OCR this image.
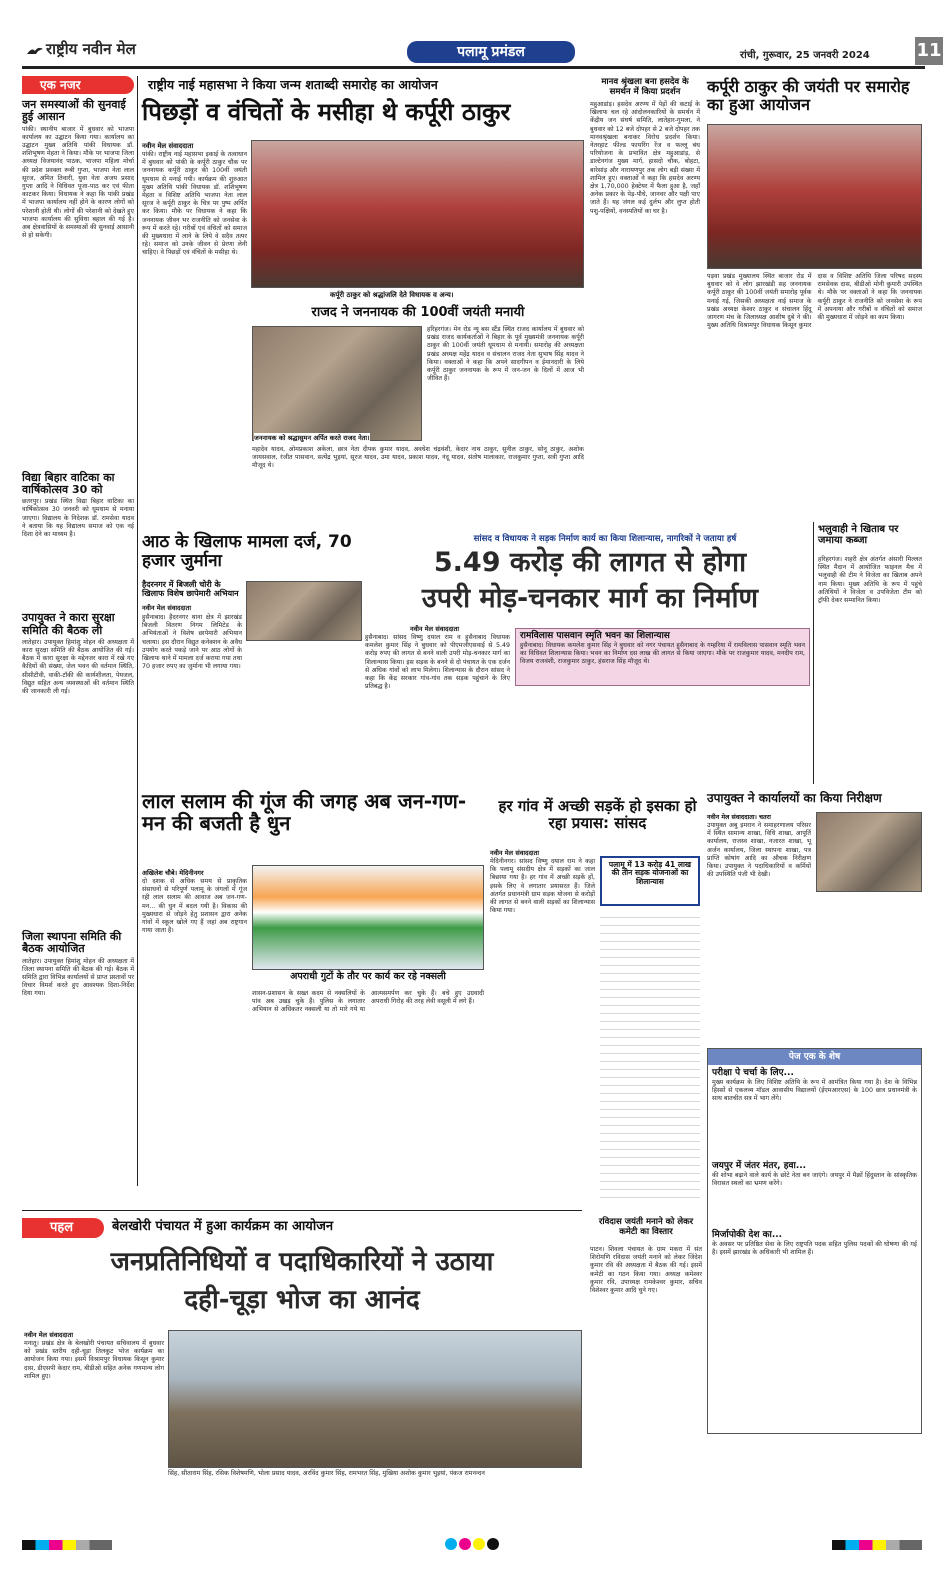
राष्ट्रीय नवीन मेल	पलामू प्रमंडल	रांची, गुरूवार, 25 जनवरी 2024	11
एक नजर
जन समस्याओं की सुनवाई हुई आसान
पांकी। स्थानीय बाजार में बुधवार को भाजपा कार्यालय का उद्घाटन किया गया। कार्यालय का उद्घाटन मुख्य अतिथि पांकी विधायक डॉ. शशिभूषण मेहता ने किया। मौके पर भाजपा जिला अध्यक्ष विजयानंद पाठक, भाजपा महिला मोर्चा की प्रदेश प्रवक्ता रूबी गुप्ता, भाजपा नेता लाल सूरज, अमित तिवारी, युवा नेता अजय प्रसाद गुप्ता आदि ने विधिवत पूजा-पाठ कर एवं फीता काटकर किया। विधायक ने कहा कि पांकी प्रखंड में भाजपा कार्यालय नहीं होने के कारण लोगों को परेशानी होती थी। लोगों की परेशानी को देखते हुए भाजपा कार्यालय की सुविधा बहाल की गई है। अब क्षेत्रवासियों के समस्याओं की सुनवाई आसानी से हो सकेगी।
विद्या बिहार वाटिका का वार्षिकोत्सव 30 को
छतरपुर। प्रखंड स्थित विद्या बिहार वाटिका का वार्षिकोत्सव 30 जनवरी को धूमधाम से मनाया जाएगा। विद्यालय के निदेशक डॉ. रामसेवा यादव ने बताया कि यह विद्यालय समाज को एक नई दिशा देने का माध्यम है।
उपायुक्त ने कारा सुरक्षा समिति की बैठक ली
लातेहार। उपायुक्त हिमांशु मोहन की अध्यक्षता में कारा सुरक्षा समिति की बैठक आयोजित की गई। बैठक में कारा सुरक्षा के मद्देनजर कारा में रखे गए कैदियों की संख्या, जेल भवन की वर्तमान स्थिति, सीसीटीवी, वाकी-टॉकी की कार्यशीलता, पेयजल, विद्युत सहित अन्य व्यवस्थाओं की वर्तमान स्थिति की जानकारी ली गई।
जिला स्थापना समिति की बैठक आयोजित
लातेहार। उपायुक्त हिमांशु मोहन की अध्यक्षता में जिला स्थापना समिति की बैठक की गई। बैठक में समिति द्वारा विभिन्न कार्यालयों से प्राप्त प्रस्तावों पर विचार विमर्श करते हुए आवश्यक दिशा-निर्देश दिया गया।
राष्ट्रीय नाई महासभा ने किया जन्म शताब्दी समारोह का आयोजन
पिछड़ों व वंचितों के मसीहा थे कर्पूरी ठाकुर
नवीन मेल संवाददाता
पांकी। राष्ट्रीय नाई महासभा इकाई के तत्वाधान में बुधवार को पांकी के कर्पूरी ठाकुर चौक पर जननायक कर्पूरी ठाकुर की 100वीं जयंती धूमधाम से मनाई गयी। कार्यक्रम की शुरुआत मुख्य अतिथि पांकी विधायक डॉ. शशिभूषण मेहता व विशिष्ट अतिथि भाजपा नेता लाल सूरज ने कर्पूरी ठाकुर के चित्र पर पुष्प अर्पित कर किया। मौके पर विधायक ने कहा कि जननायक जीवन भर राजनीति को जनसेवा के रूप में करते रहे। गरीबों एवं वंचितों को समाज की मुख्यधारा में लाने के लिये वे सदैव तत्पर रहे। समाज को उनके जीवन से प्रेरणा लेनी चाहिए। वे पिछड़ों एवं वंचितों के मसीहा थे।
कर्पूरी ठाकुर को श्रद्धांजलि देते विधायक व अन्य।
राजद ने जननायक की 100वीं जयंती मनायी
जननायक को श्रद्धासुमन अर्पित करते राजद नेता।
हरिहरगंज। मेन रोड न्यू बस स्टैंड स्थित राजद कार्यालय में बुधवार को प्रखंड राजद कार्यकर्ताओं ने बिहार के पूर्व मुख्यमंत्री जननायक कर्पूरी ठाकुर की 100वीं जयंती धूमधाम से मनायी। समारोह की अध्यक्षता प्रखंड अध्यक्ष महेंद्र यादव व संचालन राजद नेता सुभाष सिंह यादव ने किया। वक्ताओं ने कहा कि अपने सादगीपन व ईमानदारी के लिये कर्पूरी ठाकुर जननायक के रूप में जन-जन के दिलों में आज भी जीवित हैं।
महादेव यादव, ओमप्रकाश अकेला, छात्र नेता दीपक कुमार यादव, अवधेश चंद्रवंशी, केदार नाथ ठाकुर, सुनील ठाकुर, सोनू ठाकुर, अशोक जायसवाल, रंजीत पासवान, सत्येंद्र भुइयां, सूरज यादव, उमा यादव, प्रकाश यादव, नंदू यादव, संतोष मालाकार, राजकुमार गुप्ता, सत्री गुप्ता आदि मौजूद थे।
मानव श्रृंखला बना हसदेव के समर्थन में किया प्रदर्शन
महुआडांड़। हसदेव अरण्य में पेड़ों की कटाई के खिलाफ चल रहे आंदोलनकारियों के समर्थन में केंद्रीय जन संघर्ष समिति, लातेहार-गुमला, ने बुधवार को 12 बजे दोपहर से 2 बजे दोपहर तक मानवश्रृंखला बनाकर विरोध प्रदर्शन किया। नेतरहाट फील्ड फायरिंग रेंज व फल्लू बंध परियोजना के प्रभावित क्षेत्र महुआडांड़, से डाल्टेनगंज मुख्य मार्ग, हासदो चौक, बोहटा, बारेसांड़ और नारायणपुर तक लोग बड़ी संख्या में शामिल हुए। वक्ताओं ने कहा कि हसदेव अरण्य क्षेत्र 1,70,000 हेक्टेयर में फैला हुआ है, जहाँ अनेक प्रकार के पेड़-पौधे, जानवर और पक्षी पाए जाते हैं। यह जंगल कई दुर्लभ और लुप्त होती पशु-पक्षियों, वनस्पतियों का घर है।
कर्पूरी ठाकुर की जयंती पर समारोह का हुआ आयोजन
पड़वा प्रखंड मुख्यालय स्थित बाजार रोड में बुधवार को वे लोग झारखंडी सह जननायक कर्पूरी ठाकुर की 100वीं जयंती समारोह पूर्वक मनाई गई, जिसकी अध्यक्षता नाई समाज के प्रखंड अध्यक्ष केश्वर ठाकुर व संचालन हिंदू जागरण मंच के जिलाध्यक्ष आशीष दुबे ने की। मुख्य अतिथि विश्रामपुर विधायक किसून कुमार दास व विशिष्ट अतिथि जिला परिषद सदस्य रामसेवक दास, बीडीओ मोनी कुमारी उपस्थित थे। मौके पर वक्ताओं ने कहा कि जननायक कर्पूरी ठाकुर ने राजनीति को जनसेवा के रूप में अपनाया और गरीबों व वंचितों को समाज की मुख्यधारा में जोड़ने का काम किया।
भलुवाही ने खिताब पर जमाया कब्जा
हरिहरगंज। शहरी क्षेत्र अंतर्गत अंसारी मिल्लत स्थित मैदान में आयोजित फाइनल मैच में भलुवाही की टीम ने विजेता का खिताब अपने नाम किया। मुख्य अतिथि के रूप में पहुंचे अतिथियों ने विजेता व उपविजेता टीम को ट्रॉफी देकर सम्मानित किया।
सांसद व विधायक ने सड़क निर्माण कार्य का किया शिलान्यास, नागरिकों ने जताया हर्ष
आठ के खिलाफ मामला दर्ज, 70 हजार जुर्माना
हैदरनगर में बिजली चोरी के खिलाफ विशेष छापेमारी अभियान
नवीन मेल संवाददाता
हुसैनाबाद। हैदरनगर थाना क्षेत्र में झारखंड बिजली वितरण निगम लिमिटेड के अभियंताओं ने विशेष छापेमारी अभियान चलाया। इस दौरान विद्युत कनेक्शन के अवैध उपयोग करते पकड़े जाने पर आठ लोगों के खिलाफ थाने में मामला दर्ज कराया गया तथा 70 हजार रुपए का जुर्माना भी लगाया गया।
5.49 करोड़ की लागत से होगा
उपरी मोड़-चनकार मार्ग का निर्माण
नवीन मेल संवाददाता
हुसैनाबाद। सांसद विष्णु दयाल राम व हुसैनाबाद विधायक कमलेश कुमार सिंह ने बुधवार को पीएमजीएसवाई से 5.49 करोड़ रुपए की लागत से बनने वाली उपरी मोड़-चनकार मार्ग का शिलान्यास किया। इस सड़क के बनने से दो पंचायत के एक दर्जन से अधिक गांवों को लाभ मिलेगा। शिलान्यास के दौरान सांसद ने कहा कि केंद्र सरकार गांव-गांव तक सड़क पहुंचाने के लिए प्रतिबद्ध है।
रामविलास पासवान स्मृति भवन का शिलान्यास
हुसैनाबाद। विधायक कमलेश कुमार सिंह ने बुधवार को नगर पंचायत हुसैनाबाद के गम्हरिया में रामविलास पासवान स्मृति भवन का विधिवत शिलान्यास किया। भवन का निर्माण दस लाख की लागत से किया जाएगा। मौके पर राजकुमार यादव, मनदीप राम, विजय राजवंशी, राजकुमार ठाकुर, हंसराज सिंह मौजूद थे।
उपायुक्त ने कार्यालयों का किया निरीक्षण
नवीन मेल संवाददाता। चतरा
उपायुक्त अबु इमरान ने समाहरणालय परिसर में स्थित सामान्य शाखा, विधि शाखा, आपूर्ति कार्यालय, राजस्व शाखा, नजारत शाखा, भू अर्जन कार्यालय, जिला स्थापना शाखा, पत्र प्राप्ति कोषांग आदि का औचक निरीक्षण किया। उपायुक्त ने पदाधिकारियों व कर्मियों की उपस्थिति पंजी भी देखी।
लाल सलाम की गूंज की जगह अब जन-गण-मन की बजती है धुन
अखिलेश चौबे। मेदिनीनगर
दो दशक से अधिक समय से प्राकृतिक संसाधनों से परिपूर्ण पलामू के जंगलों में गूंज रही लाल सलाम की आवाज अब जन-गण-मन... की धुन में बदल गयी है। विकास की मुख्यधारा से जोड़ने हेतु प्रशासन द्वारा अनेक गांवों में स्कूल खोले गए हैं जहां अब राष्ट्रगान गाया जाता है।
अपराधी गुटों के तौर पर कार्य कर रहे नक्सली
शासन-प्रशासन के सख्त कदम से नक्सलियों के पांव अब उखड़ चुके हैं। पुलिस के लगातार अभियान से अधिकतर नक्सली या तो मारे गये या आत्मसमर्पण कर चुके हैं। बचे हुए उग्रवादी अपराधी गिरोह की तरह लेवी वसूली में लगे हैं।
हर गांव में अच्छी सड़कें हो इसका हो रहा प्रयास: सांसद
नवीन मेल संवाददाता
मेदिनीनगर। सांसद विष्णु दयाल राम ने कहा कि पलामू संसदीय क्षेत्र में सड़कों का जाल बिछाया गया है। हर गांव में अच्छी सड़कें हों, इसके लिए वे लगातार प्रयासरत हैं। जिले अंतर्गत प्रधानमंत्री ग्राम सड़क योजना से करोड़ों की लागत से बनने वाली सड़कों का शिलान्यास किया गया।
पलामू में 13 करोड़ 41 लाख की तीन सड़क योजनाओं का शिलान्यास
पेज एक के शेष
परीक्षा पे चर्चा के लिए...
मुख्य कार्यक्रम के लिए विशिष्ट अतिथि के रूप में आमंत्रित किया गया है। देश के विभिन्न हिस्सों से एकलव्य मॉडल आवासीय विद्यालयों (ईएमआरएस) के 100 छात्र प्रधानमंत्री के साथ बातचीत सत्र में भाग लेंगे।
जयपुर में जंतर मंतर, हवा...
की शोभा बढ़ाने वाले कार्य के छोटे नेता बन जाएंगे। जयपुर में मैक्रों हिंदुस्तान के सांस्कृतिक विरासत स्थलों का भ्रमण करेंगे।
मिर्जापोकी देश का...
के अवसर पर प्रतिष्ठित सेवा के लिए राष्ट्रपति पदक सहित पुलिस पदकों की घोषणा की गई है। इसमें झारखंड के अधिकारी भी शामिल हैं।
रविदास जयंती मनाने को लेकर कमेटी का विस्तार
पाटन। शिवला पंचायत के ग्राम मकरा में संत शिरोमणि रविदास जयंती मनाने को लेकर जिंदेश कुमार रवि की अध्यक्षता में बैठक की गई। इसमें कमेटी का गठन किया गया। अध्यक्ष कमेश्वर कुमार रवि, उपाध्यक्ष रामकेश्वर कुमार, सचिव विशेश्वर कुमार आदि चुने गए।
पहल	बेलखोरी पंचायत में हुआ कार्यक्रम का आयोजन
जनप्रतिनिधियों व पदाधिकारियों ने उठाया
दही-चूड़ा भोज का आनंद
नवीन मेल संवाददाता
मनातू। प्रखंड क्षेत्र के बेलखोरी पंचायत सचिवालय में बुधवार को प्रखंड स्तरीय दही-चूड़ा तिलकुट भोज कार्यक्रम का आयोजन किया गया। इसमें विश्रामपुर विधायक किसून कुमार दास, डीएसपी केदार राम, बीडीओ सहित अनेक गणमान्य लोग शामिल हुए।
सिंह, सीताराम सिंह, रसिक विशेषमणि, भोला प्रसाद यादव, अरविंद कुमार सिंह, रामभरत सिंह, मुखिया अशोक कुमार भुइयां, पंकज रामनन्दन
